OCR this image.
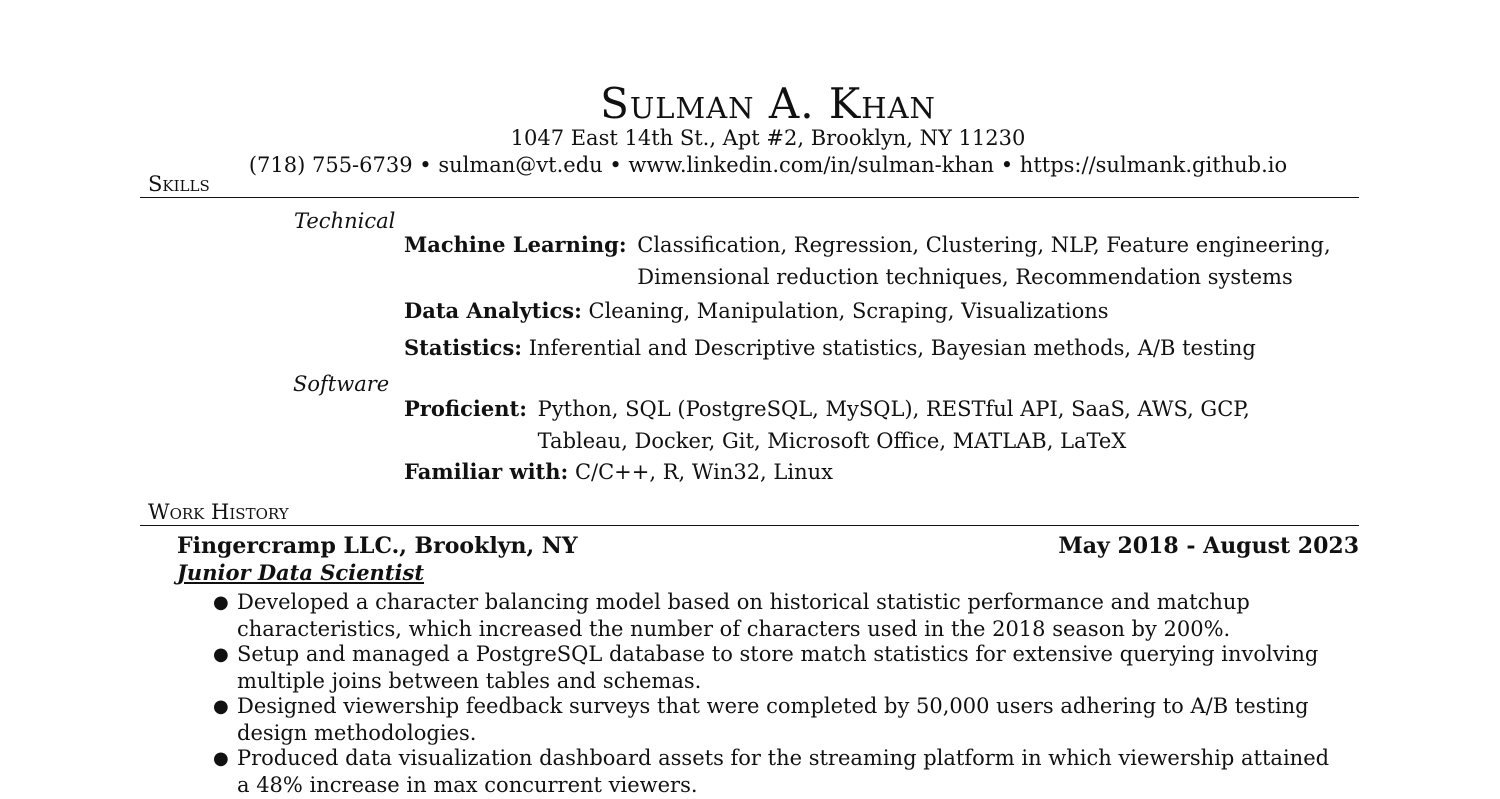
Sulman A. Khan
1047 East 14th St., Apt #2, Brooklyn, NY 11230
(718) 755-6739 • sulman@vt.edu • www.linkedin.com/in/sulman-khan • https://sulmank.github.io
Skills
Technical
Machine Learning: Classification, Regression, Clustering, NLP, Feature engineering,
Dimensional reduction techniques, Recommendation systems
Data Analytics: Cleaning, Manipulation, Scraping, Visualizations
Statistics: Inferential and Descriptive statistics, Bayesian methods, A/B testing
Software
Proficient: Python, SQL (PostgreSQL, MySQL), RESTful API, SaaS, AWS, GCP,
Tableau, Docker, Git, Microsoft Office, MATLAB, LaTeX
Familiar with: C/C++, R, Win32, Linux
Work History
Fingercramp LLC., Brooklyn, NY	May 2018 - August 2023
Junior Data Scientist
● Developed a character balancing model based on historical statistic performance and matchup characteristics, which increased the number of characters used in the 2018 season by 200%.
● Setup and managed a PostgreSQL database to store match statistics for extensive querying involving multiple joins between tables and schemas.
● Designed viewership feedback surveys that were completed by 50,000 users adhering to A/B testing design methodologies.
● Produced data visualization dashboard assets for the streaming platform in which viewership attained a 48% increase in max concurrent viewers.
